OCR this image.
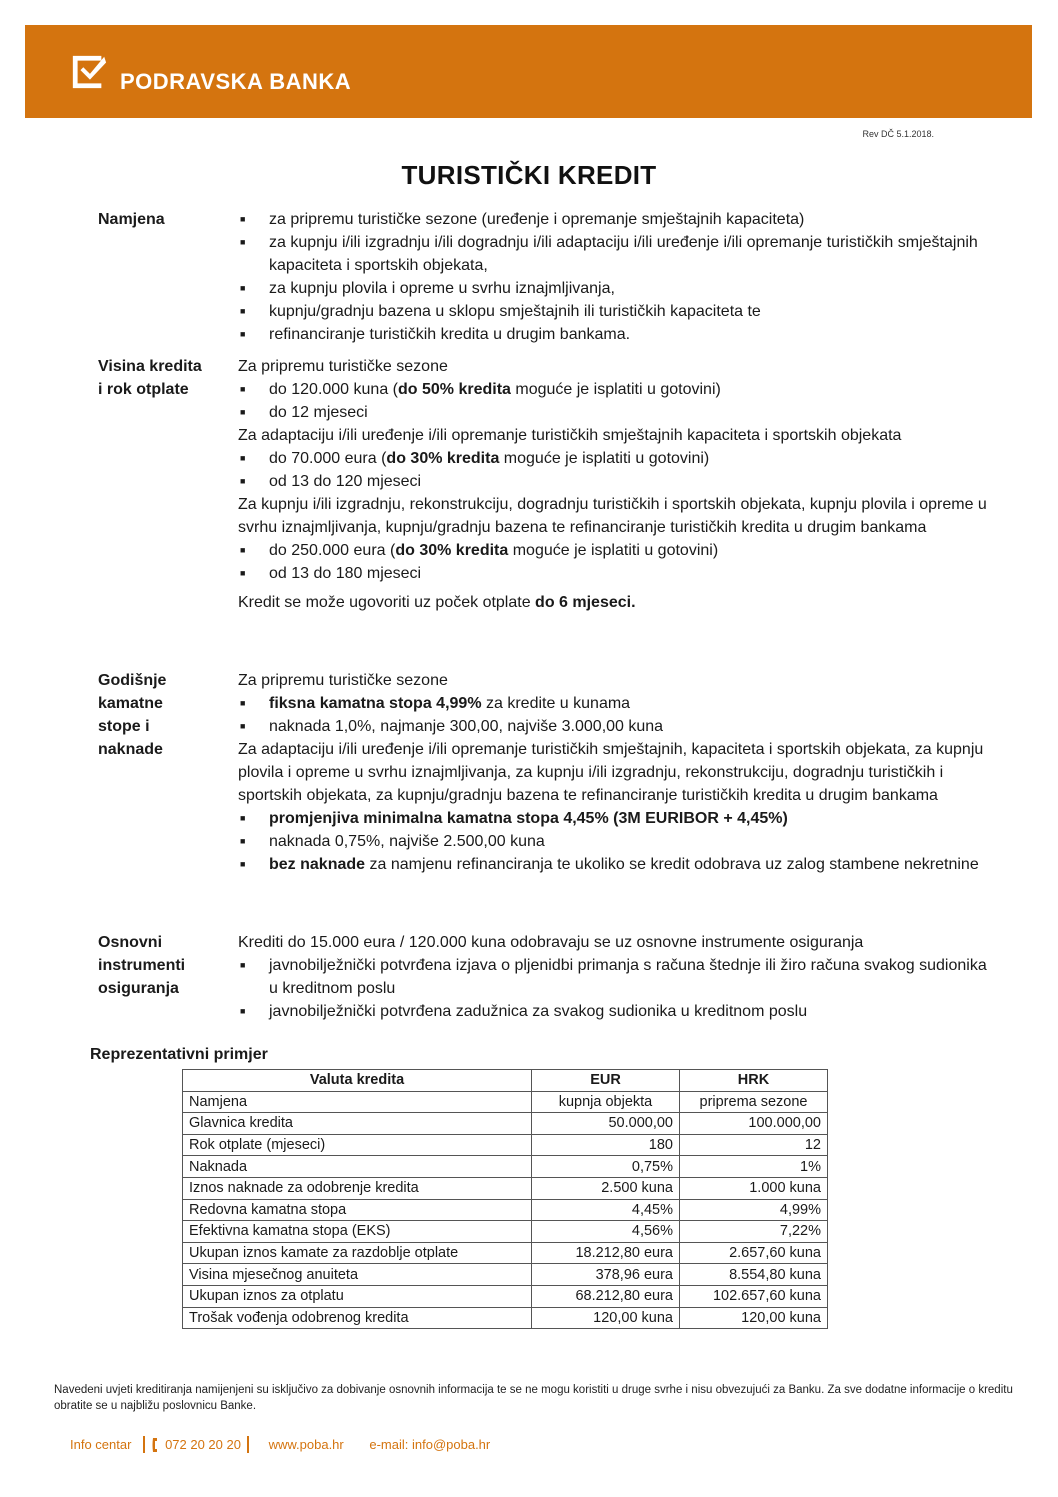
PODRAVSKA BANKA
Rev DČ 5.1.2018.
TURISTIČKI KREDIT
Namjena	■ za pripremu turističke sezone (uređenje i opremanje smještajnih kapaciteta)
■ za kupnju i/ili izgradnju i/ili dogradnju i/ili adaptaciju i/ili uređenje i/ili opremanje turističkih smještajnih kapaciteta i sportskih objekata,
■ za kupnju plovila i opreme u svrhu iznajmljivanja,
■ kupnju/gradnju bazena u sklopu smještajnih ili turističkih kapaciteta te
■ refinanciranje turističkih kredita u drugim bankama.
Visina kredita
i rok otplate
Za pripremu turističke sezone
■ do 120.000 kuna (do 50% kredita moguće je isplatiti u gotovini)
■ do 12 mjeseci
Za adaptaciju i/ili uređenje i/ili opremanje turističkih smještajnih kapaciteta i sportskih objekata
■ do 70.000 eura (do 30% kredita moguće je isplatiti u gotovini)
■ od 13 do 120 mjeseci
Za kupnju i/ili izgradnju, rekonstrukciju, dogradnju turističkih i sportskih objekata, kupnju plovila i opreme u svrhu iznajmljivanja, kupnju/gradnju bazena te refinanciranje turističkih kredita u drugim bankama
■ do 250.000 eura (do 30% kredita moguće je isplatiti u gotovini)
■ od 13 do 180 mjeseci
Kredit se može ugovoriti uz poček otplate do 6 mjeseci.
Godišnje
kamatne
stope i
naknade
Za pripremu turističke sezone
■ fiksna kamatna stopa 4,99% za kredite u kunama
■ naknada 1,0%, najmanje 300,00, najviše 3.000,00 kuna
Za adaptaciju i/ili uređenje i/ili opremanje turističkih smještajnih, kapaciteta i sportskih objekata, za kupnju plovila i opreme u svrhu iznajmljivanja, za kupnju i/ili izgradnju, rekonstrukciju, dogradnju turističkih i sportskih objekata, za kupnju/gradnju bazena te refinanciranje turističkih kredita u drugim bankama
■ promjenjiva minimalna kamatna stopa 4,45% (3M EURIBOR + 4,45%)
■ naknada 0,75%, najviše 2.500,00 kuna
■ bez naknade za namjenu refinanciranja te ukoliko se kredit odobrava uz zalog stambene nekretnine
Osnovni
instrumenti
osiguranja
Krediti do 15.000 eura / 120.000 kuna odobravaju se uz osnovne instrumente osiguranja
■ javnobilježnički potvrđena izjava o pljenidbi primanja s računa štednje ili žiro računa svakog sudionika u kreditnom poslu
■ javnobilježnički potvrđena zadužnica za svakog sudionika u kreditnom poslu
Reprezentativni primjer
Valuta kredita	EUR	HRK
Namjena	kupnja objekta	priprema sezone
Glavnica kredita	50.000,00	100.000,00
Rok otplate (mjeseci)	180	12
Naknada	0,75%	1%
Iznos naknade za odobrenje kredita	2.500 kuna	1.000 kuna
Redovna kamatna stopa	4,45%	4,99%
Efektivna kamatna stopa (EKS)	4,56%	7,22%
Ukupan iznos kamate za razdoblje otplate	18.212,80 eura	2.657,60 kuna
Visina mjesečnog anuiteta	378,96 eura	8.554,80 kuna
Ukupan iznos za otplatu	68.212,80 eura	102.657,60 kuna
Trošak vođenja odobrenog kredita	120,00 kuna	120,00 kuna
Navedeni uvjeti kreditiranja namijenjeni su isključivo za dobivanje osnovnih informacija te se ne mogu koristiti u druge svrhe i nisu obvezujući za Banku. Za sve dodatne informacije o kreditu obratite se u najbližu poslovnicu Banke.
Info centar	072 20 20 20 www.poba.hr e-mail: info@poba.hr
